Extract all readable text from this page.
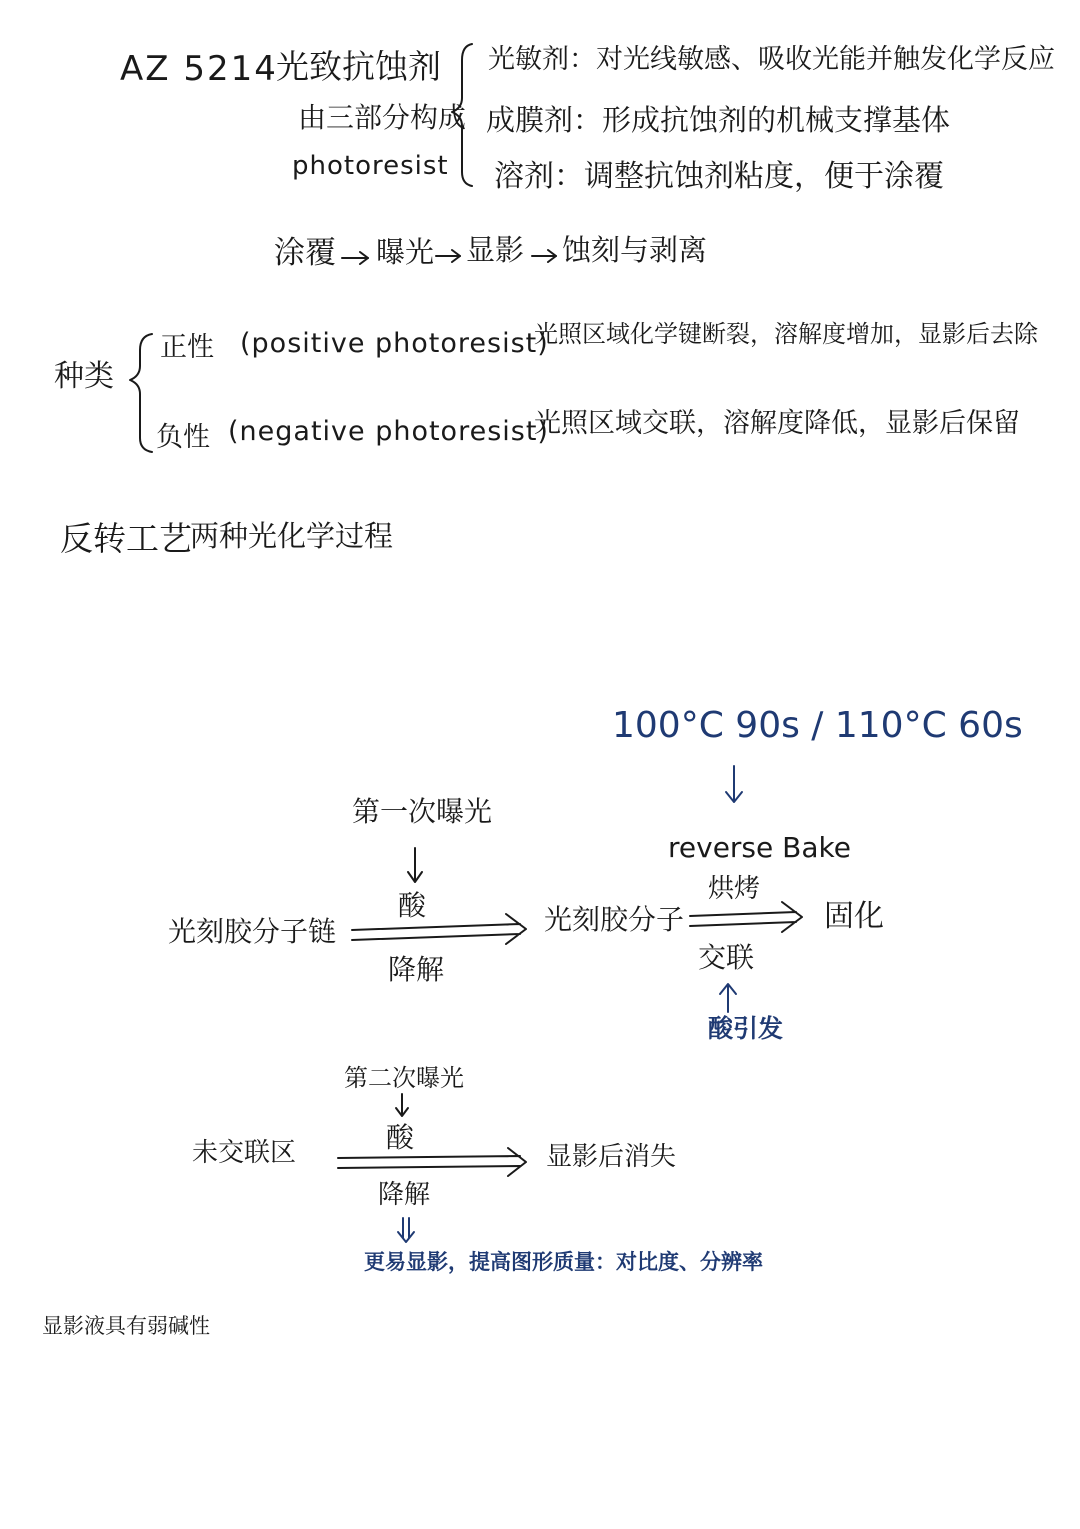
AZ 5214
光致抗蚀剂
由三部分构成
photoresist
光敏剂：对光线敏感、吸收光能并触发化学反应
成膜剂：形成抗蚀剂的机械支撑基体
溶剂：调整抗蚀剂粘度，便于涂覆
涂覆 曝光 显影 蚀刻与剥离
种类
正性 (positive photoresist)
光照区域化学键断裂，溶解度增加，显影后去除
负性 (negative photoresist)
光照区域交联，溶解度降低，显影后保留
反转工艺
两种光化学过程
100°C 90s / 110°C 60s
第一次曝光
reverse Bake
酸
光刻胶分子链
降解
光刻胶分子
烘烤
固化
交联
酸引发
第二次曝光
酸
未交联区	显影后消失
降解
更易显影，提高图形质量：对比度、分辨率
显影液具有弱碱性
